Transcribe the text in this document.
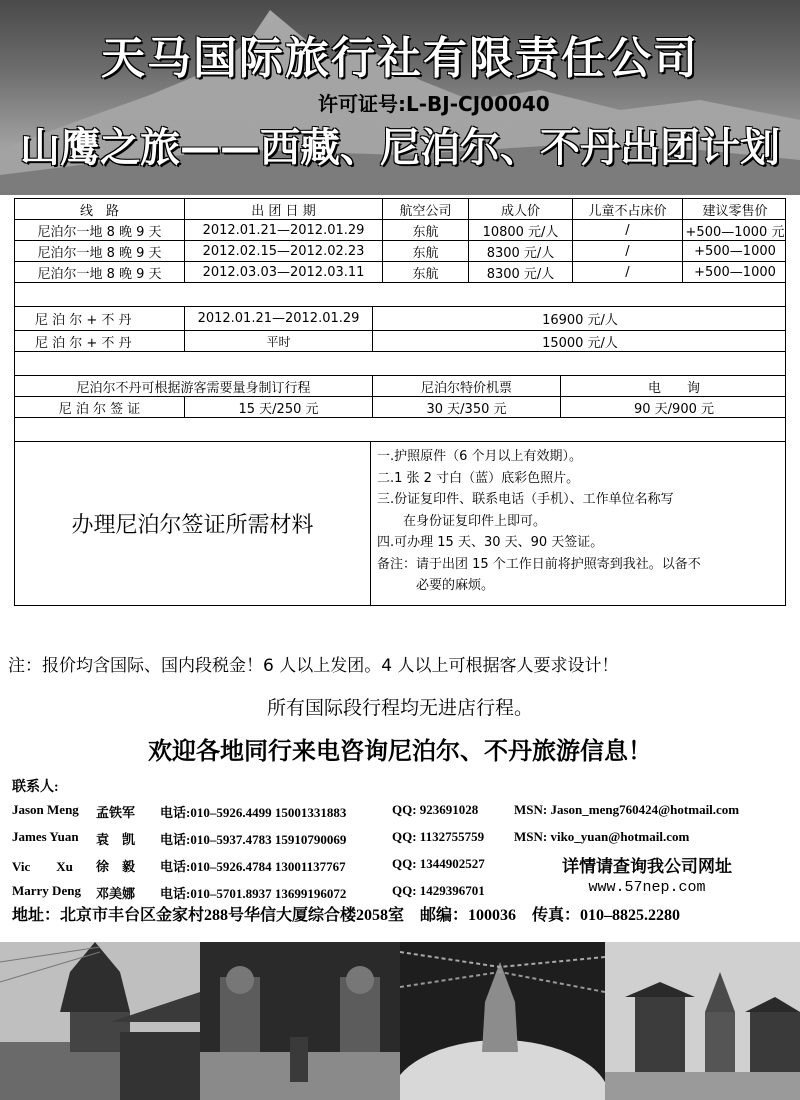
天马国际旅行社有限责任公司
许可证号:L-BJ-CJ00040
山鹰之旅——西藏、尼泊尔、不丹出团计划
线　路	出 团 日 期	航空公司	成人价	儿童不占床价	建议零售价
尼泊尔一地 8 晚 9 天	2012.01.21—2012.01.29	东航	10800 元/人	/	+500—1000 元
尼泊尔一地 8 晚 9 天	2012.02.15—2012.02.23	东航	8300 元/人	/	+500—1000
尼泊尔一地 8 晚 9 天	2012.03.03—2012.03.11	东航	8300 元/人	/	+500—1000
尼 泊 尔 + 不 丹	2012.01.21—2012.01.29	16900 元/人
尼 泊 尔 + 不 丹	平时	15000 元/人
尼泊尔不丹可根据游客需要量身制订行程	尼泊尔特价机票	电　　询
尼 泊 尔 签 证	15 天/250 元	30 天/350 元	90 天/900 元
办理尼泊尔签证所需材料
一.护照原件（6 个月以上有效期）。
二.1 张 2 寸白（蓝）底彩色照片。
三.份证复印件、联系电话（手机）、工作单位名称写
　　在身份证复印件上即可。
四.可办理 15 天、30 天、90 天签证。
备注：请于出团 15 个工作日前将护照寄到我社。以备不
　　　必要的麻烦。
注：报价均含国际、国内段税金！6 人以上发团。4 人以上可根据客人要求设计！
所有国际段行程均无进店行程。
欢迎各地同行来电咨询尼泊尔、不丹旅游信息！
联系人:
Jason Meng 孟铁军 电话:010–5926.4499 15001331883	QQ: 923691028	MSN: Jason_meng760424@hotmail.com
James Yuan 袁　凯 电话:010–5937.4783 15910790069	QQ: 1132755759 MSN: viko_yuan@hotmail.com
Vic　　Xu 徐　毅 电话:010–5926.4784 13001137767	QQ: 1344902527
Marry Deng 邓美娜 电话:010–5701.8937 13699196072	QQ: 1429396701
详情请查询我公司网址
www.57nep.com
地址：北京市丰台区金家村288号华信大厦综合楼2058室　邮编：100036　传真：010–8825.2280
